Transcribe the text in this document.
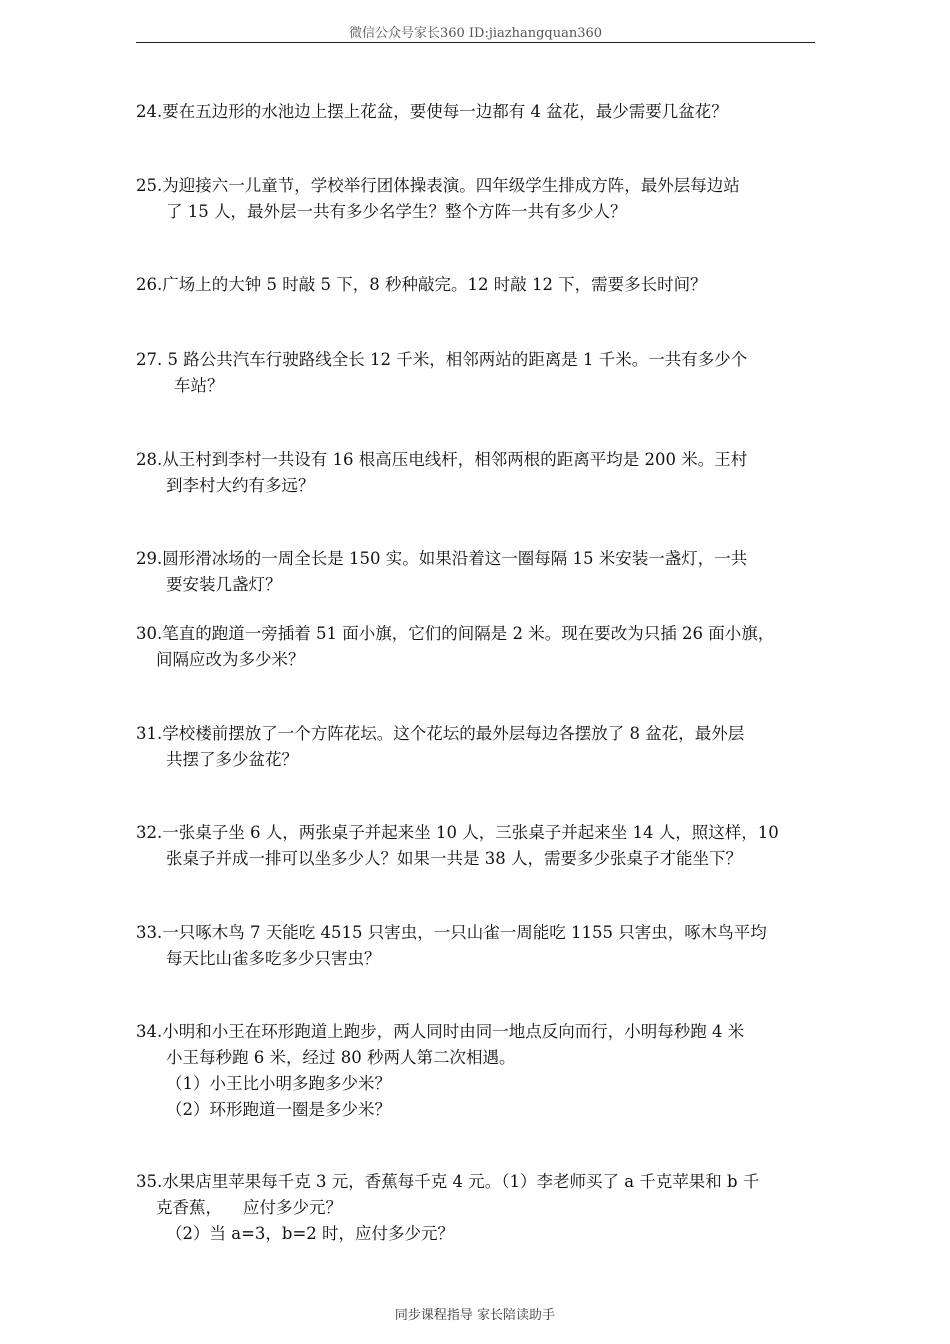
微信公众号家长360 ID:jiazhangquan360
24.要在五边形的水池边上摆上花盆，要使每一边都有 4 盆花，最少需要几盆花？
25.为迎接六一儿童节，学校举行团体操表演。四年级学生排成方阵，最外层每边站
了 15 人，最外层一共有多少名学生？整个方阵一共有多少人？
26.广场上的大钟 5 时敲 5 下，8 秒种敲完。12 时敲 12 下，需要多长时间？
27. 5 路公共汽车行驶路线全长 12 千米，相邻两站的距离是 1 千米。一共有多少个
车站？
28.从王村到李村一共设有 16 根高压电线杆，相邻两根的距离平均是 200 米。王村
到李村大约有多远？
29.圆形滑冰场的一周全长是 150 实。如果沿着这一圈每隔 15 米安装一盏灯，一共
要安装几盏灯？
30.笔直的跑道一旁插着 51 面小旗，它们的间隔是 2 米。现在要改为只插 26 面小旗，
间隔应改为多少米？
31.学校楼前摆放了一个方阵花坛。这个花坛的最外层每边各摆放了 8 盆花，最外层
共摆了多少盆花？
32.一张桌子坐 6 人，两张桌子并起来坐 10 人，三张桌子并起来坐 14 人，照这样，10
张桌子并成一排可以坐多少人？如果一共是 38 人，需要多少张桌子才能坐下？
33.一只啄木鸟 7 天能吃 4515 只害虫，一只山雀一周能吃 1155 只害虫，啄木鸟平均
每天比山雀多吃多少只害虫？
34.小明和小王在环形跑道上跑步，两人同时由同一地点反向而行，小明每秒跑 4 米
小王每秒跑 6 米，经过 80 秒两人第二次相遇。
（1）小王比小明多跑多少米？
（2）环形跑道一圈是多少米？
35.水果店里苹果每千克 3 元，香蕉每千克 4 元。（1）李老师买了 a 千克苹果和 b 千
克香蕉，    应付多少元？
（2）当 a=3，b=2 时，应付多少元？
同步课程指导 家长陪读助手
